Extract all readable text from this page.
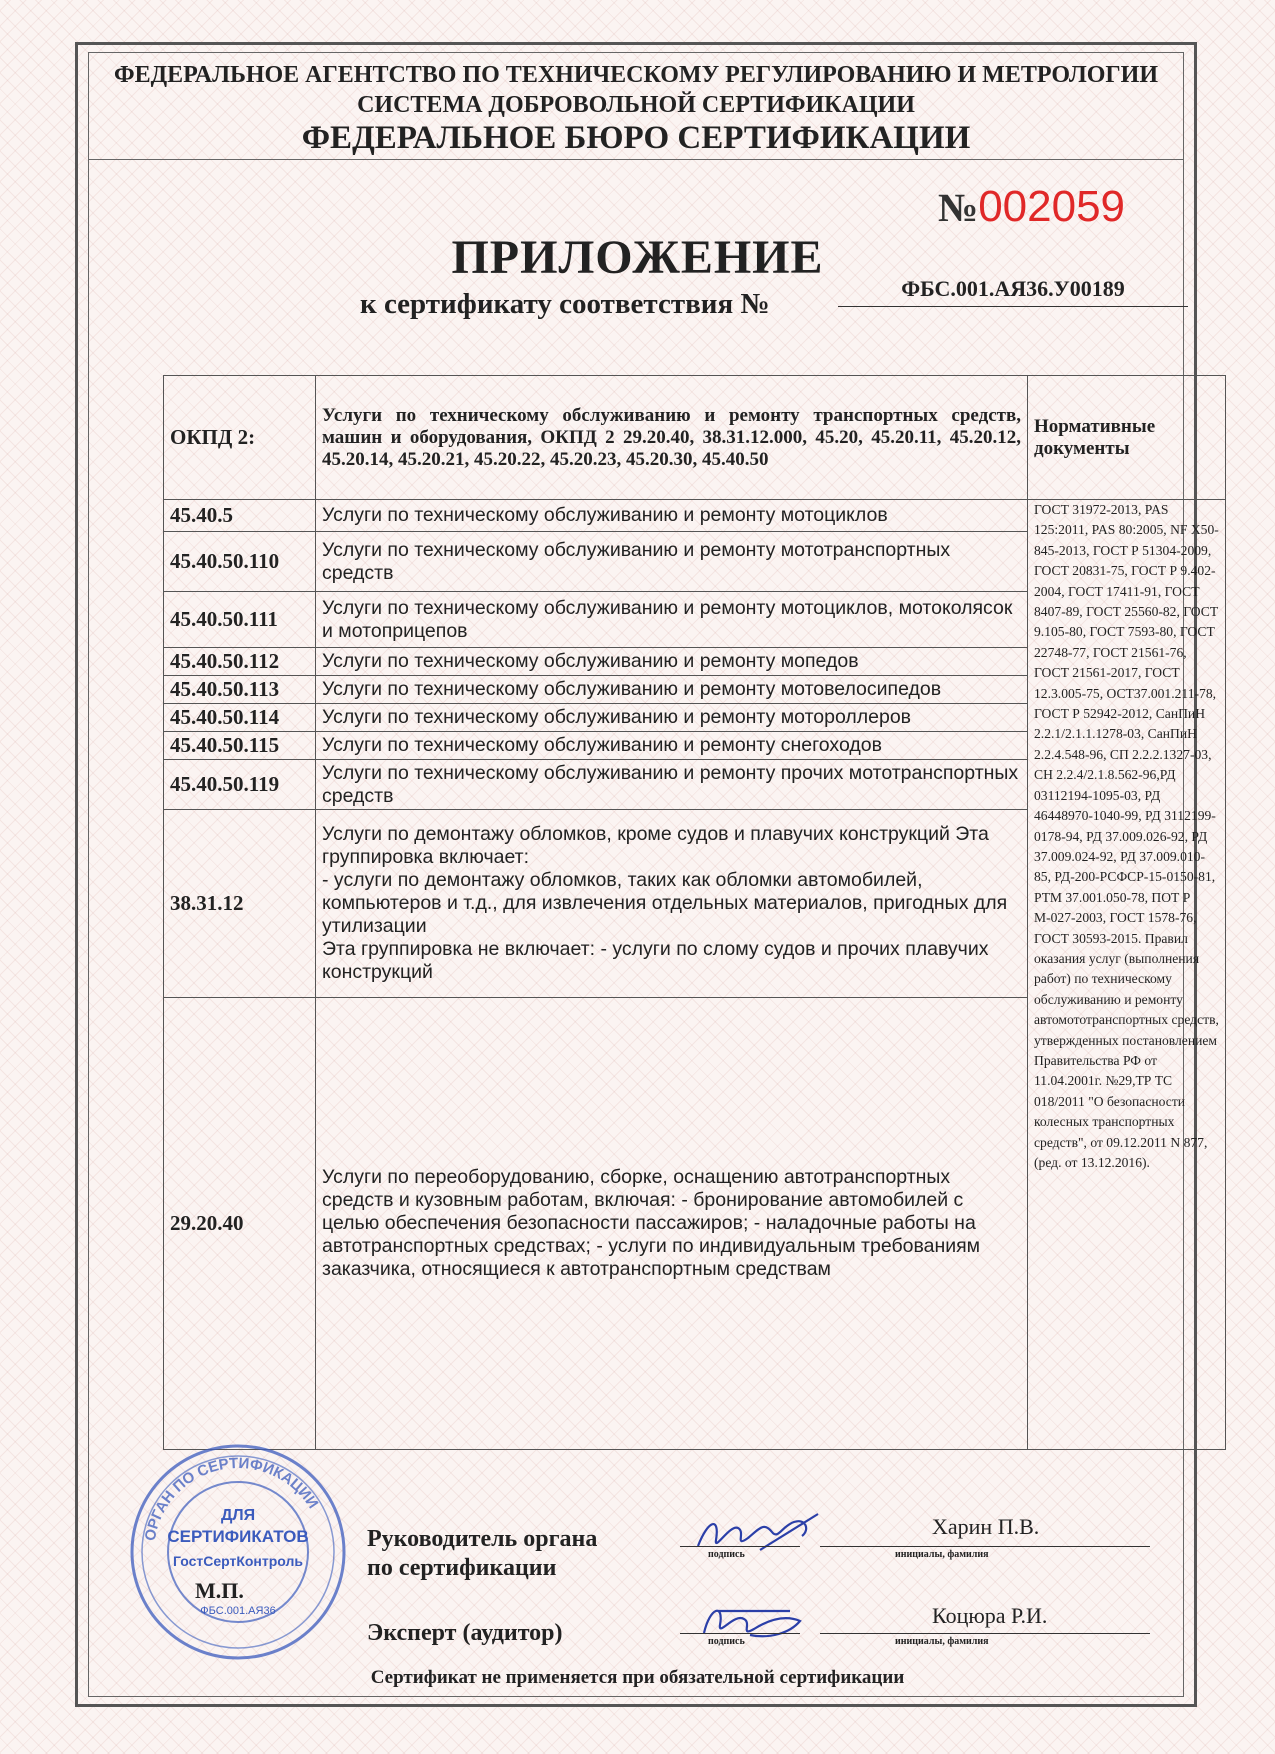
ФЕДЕРАЛЬНОЕ АГЕНТСТВО ПО ТЕХНИЧЕСКОМУ РЕГУЛИРОВАНИЮ И МЕТРОЛОГИИ
СИСТЕМА ДОБРОВОЛЬНОЙ СЕРТИФИКАЦИИ
ФЕДЕРАЛЬНОЕ БЮРО СЕРТИФИКАЦИИ
№002059
ПРИЛОЖЕНИЕ
к сертификату соответствия №	ФБС.001.АЯ36.У00189
ОКПД 2:	Услуги по техническому обслуживанию и ремонту транспортных средств, машин и оборудования, ОКПД 2 29.20.40, 38.31.12.000, 45.20, 45.20.11, 45.20.12, 45.20.14, 45.20.21, 45.20.22, 45.20.23, 45.20.30, 45.40.50	Нормативные документы
45.40.5	Услуги по техническому обслуживанию и ремонту мотоциклов	ГОСТ 31972-2013, PAS 125:2011, PAS 80:2005, NF X50-845-2013, ГОСТ Р 51304-2009, ГОСТ 20831-75, ГОСТ Р 9.402-2004, ГОСТ 17411-91, ГОСТ 8407-89, ГОСТ 25560-82, ГОСТ 9.105-80, ГОСТ 7593-80, ГОСТ 22748-77, ГОСТ 21561-76, ГОСТ 21561-2017, ГОСТ 12.3.005-75, ОСТ37.001.211-78, ГОСТ Р 52942-2012, СанПиН 2.2.1/2.1.1.1278-03, СанПиН 2.2.4.548-96, СП 2.2.2.1327-03, СН 2.2.4/2.1.8.562-96,РД 03112194-1095-03, РД 46448970-1040-99, РД 3112199-0178-94, РД 37.009.026-92, РД 37.009.024-92, РД 37.009.010-85, РД-200-РСФСР-15-0150-81, РТМ 37.001.050-78, ПОТ Р М-027-2003, ГОСТ 1578-76, ГОСТ 30593-2015. Правил оказания услуг (выполнения работ) по техническому обслуживанию и ремонту автомототранспортных средств, утвержденных постановлением Правительства РФ от 11.04.2001г. №29,ТР ТС 018/2011 "О безопасности колесных транспортных средств", от 09.12.2011 N 877, (ред. от 13.12.2016).
45.40.50.110	Услуги по техническому обслуживанию и ремонту мототранспортных средств	
45.40.50.111	Услуги по техническому обслуживанию и ремонту мотоциклов, мотоколясок и мотоприцепов	
45.40.50.112	Услуги по техническому обслуживанию и ремонту мопедов	
45.40.50.113	Услуги по техническому обслуживанию и ремонту мотовелосипедов	
45.40.50.114	Услуги по техническому обслуживанию и ремонту мотороллеров	
45.40.50.115	Услуги по техническому обслуживанию и ремонту снегоходов	
45.40.50.119	Услуги по техническому обслуживанию и ремонту прочих мототранспортных средств	
38.31.12	Услуги по демонтажу обломков, кроме судов и плавучих конструкций Эта группировка включает:
- услуги по демонтажу обломков, таких как обломки автомобилей, компьютеров и т.д., для извлечения отдельных материалов, пригодных для утилизации
Эта группировка не включает: - услуги по слому судов и прочих плавучих конструкций	
29.20.40	Услуги по переоборудованию, сборке, оснащению автотранспортных средств и кузовным работам, включая: - бронирование автомобилей с целью обеспечения безопасности пассажиров; - наладочные работы на автотранспортных средствах; - услуги по индивидуальным требованиям заказчика, относящиеся к автотранспортным средствам	
ОРГАН ПО СЕРТИФИКАЦИИ
ДЛЯ
СЕРТИФИКАТОВ
ГостСертКонтроль
ФБС.001.АЯ36
М.П.
Руководитель органа
по сертификации
подпись
Харин П.В.
инициалы, фамилия
Эксперт (аудитор)	подпись
Коцюра Р.И.
инициалы, фамилия
Сертификат не применяется при обязательной сертификации
